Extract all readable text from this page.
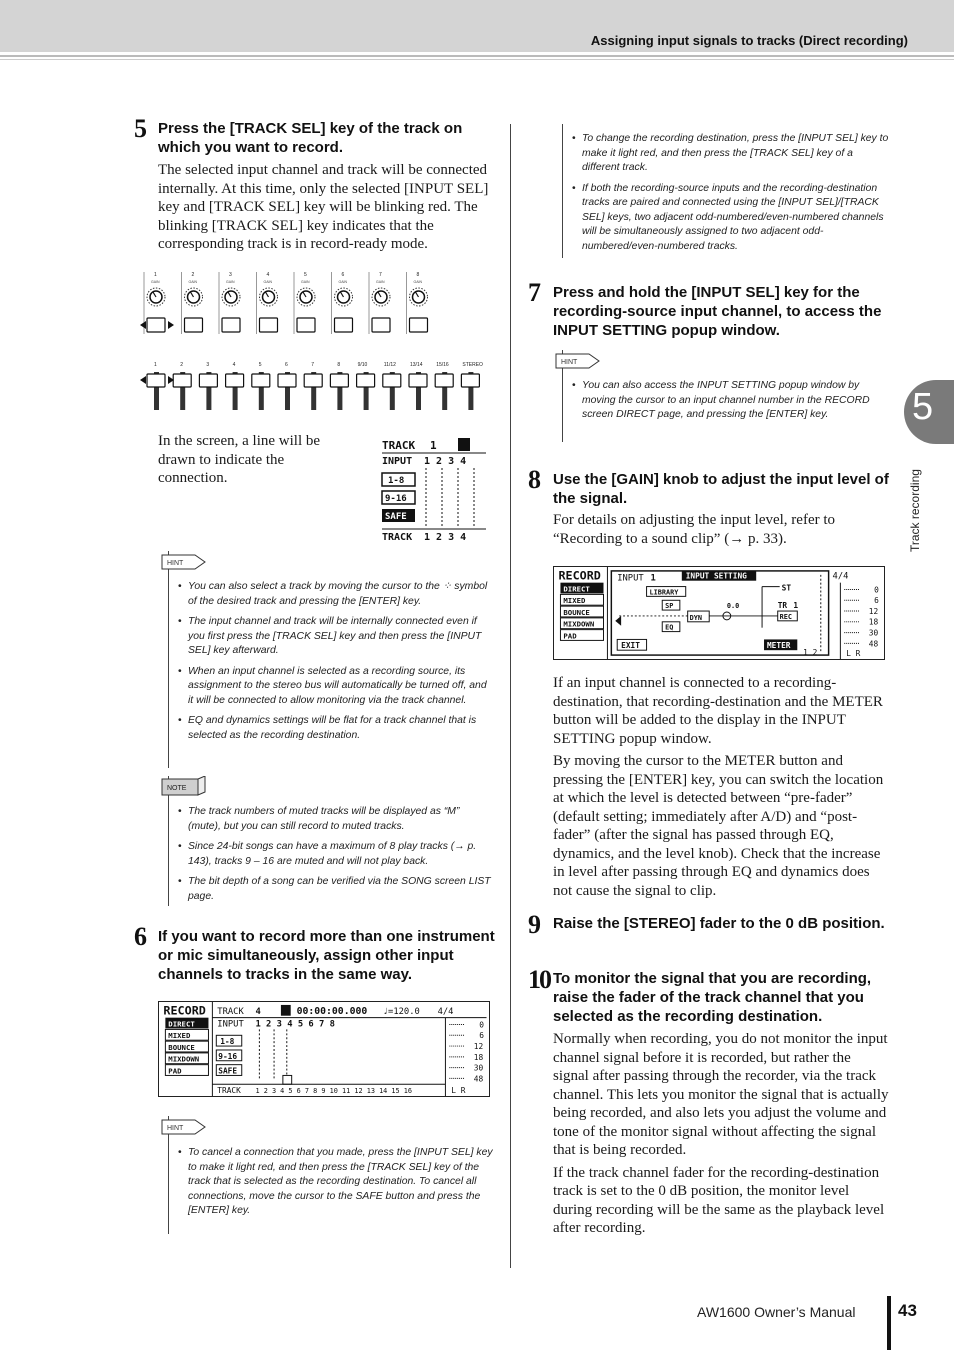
Assigning input signals to tracks (Direct recording)
5
Track recording
5 Press the [TRACK SEL] key of the track on which you want to record.
The selected input channel and track will be connected internally. At this time, only the selected [INPUT SEL] key and [TRACK SEL] key will be blinking red. The blinking [TRACK SEL] key indicates that the corresponding track is in record-ready mode.
1
GAIN
2
GAIN
3
GAIN
4
GAIN
5
GAIN
6
GAIN
7
GAIN
8
GAIN
1	2	3	4	5	6	7	8	9/10	11/12	13/14	15/16	STEREO
In the screen, a line will be drawn to indicate the connection.
TRACK 1
INPUT 1 2 3 4
1-8
9-16
SAFE
TRACK 1 2 3 4
HINT
• You can also select a track by moving the cursor to the ⁘ symbol of the desired track and pressing the [ENTER] key.
• The input channel and track will be internally connected even if you first press the [TRACK SEL] key and then press the [INPUT SEL] key afterward.
• When an input channel is selected as a recording source, its assignment to the stereo bus will automatically be turned off, and it will be connected to allow monitoring via the track channel.
• EQ and dynamics settings will be flat for a track channel that is selected as the recording destination.
NOTE
• The track numbers of muted tracks will be displayed as “M” (mute), but you can still record to muted tracks.
• Since 24-bit songs can have a maximum of 8 play tracks (→ p. 143), tracks 9 – 16 are muted and will not play back.
• The bit depth of a song can be verified via the SONG screen LIST page.
6 If you want to record more than one instrument or mic simultaneously, assign other input channels to tracks in the same way.
RECORD
DIRECT
MIXED
BOUNCE
MIXDOWN
PAD
TRACK 4	00:00:00.000 ♩=120.0 4/4
INPUT 1 2 3 4 5 6 7 8
1-8
9-16
SAFE
TRACK 1 2 3 4 5 6 7 8 9 10 11 12 13 14 15 16
0
6
12
18
30
48
L R
HINT
• To cancel a connection that you made, press the [INPUT SEL] key to make it light red, and then press the [TRACK SEL] key of the track that is selected as the recording destination. To cancel all connections, move the cursor to the SAFE button and press the [ENTER] key.
• To change the recording destination, press the [INPUT SEL] key to make it light red, and then press the [TRACK SEL] key of a different track.
• If both the recording-source inputs and the recording-destination tracks are paired and connected using the [INPUT SEL]/[TRACK SEL] keys, two adjacent odd-numbered/even-numbered channels will be simultaneously assigned to two adjacent odd-numbered/even-numbered tracks.
7 Press and hold the [INPUT SEL] key for the recording-source input channel, to access the INPUT SETTING popup window.
HINT
• You can also access the INPUT SETTING popup window by moving the cursor to an input channel number in the RECORD screen DIRECT page, and pressing the [ENTER] key.
8 Use the [GAIN] knob to adjust the input level of the signal.
For details on adjusting the input level, refer to “Recording to a sound clip” (→ p. 33).
RECORD
DIRECT
MIXED
BOUNCE
MIXDOWN
PAD
INPUT 1	INPUT SETTING
LIBRARY
SP
EQ
DYN
0.0
ST
TR 1
REC
EXIT	METER
1 2
4/4
0
6
12
18
30
48
L R

If an input channel is connected to a recording-destination, that recording-destination and the METER button will be added to the display in the INPUT SETTING popup window.

By moving the cursor to the METER button and pressing the [ENTER] key, you can switch the location at which the level is detected between “pre-fader” (default setting; immediately after A/D) and “post-fader” (after the signal has passed through EQ, dynamics, and the level knob). Check that the increase in level after passing through EQ and dynamics does not cause the signal to clip.

9 Raise the [STEREO] fader to the 0 dB position.
10 To monitor the signal that you are recording, raise the fader of the track channel that you selected as the recording destination.

Normally when recording, you do not monitor the input channel signal before it is recorded, but rather the signal after passing through the recorder, via the track channel. This lets you monitor the signal that is actually being recorded, and also lets you adjust the volume and tone of the monitor signal without affecting the signal that is being recorded.

If the track channel fader for the recording-destination track is set to the 0 dB position, the monitor level during recording will be the same as the playback level after recording.

AW1600 Owner’s Manual	43
